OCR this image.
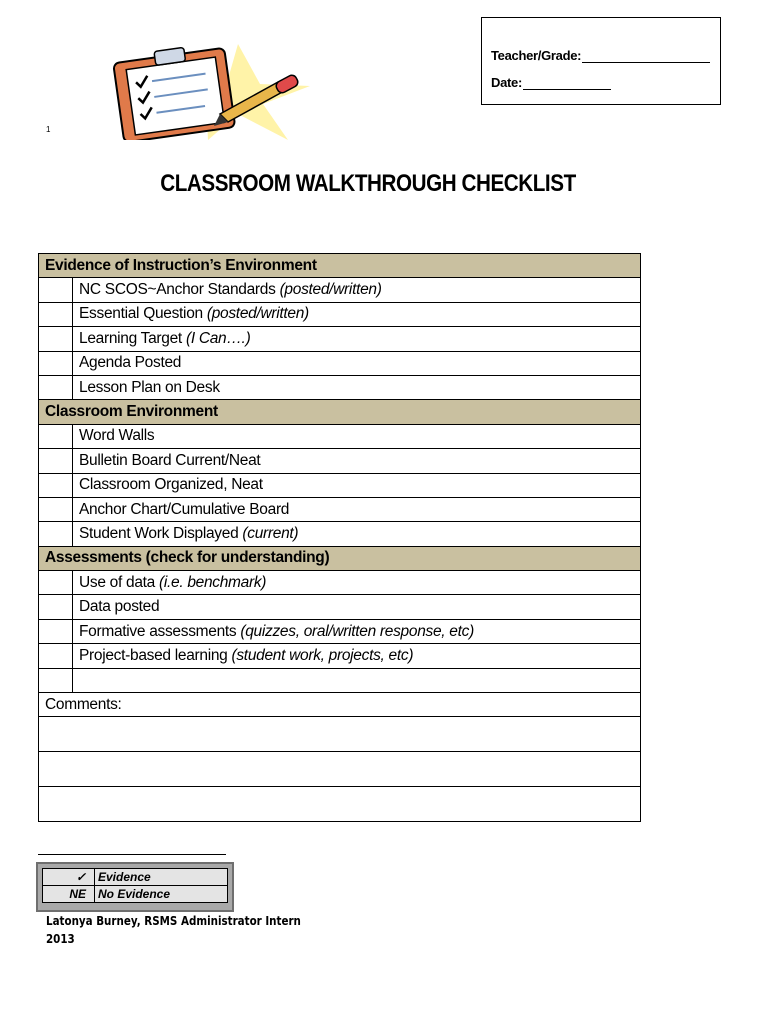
1
Teacher/Grade:
Date:
CLASSROOM WALKTHROUGH CHECKLIST
Evidence of Instruction’s Environment	
	NC SCOS~Anchor Standards (posted/written)
	Essential Question (posted/written)
	Learning Target (I Can….)
	Agenda Posted
	Lesson Plan on Desk
Classroom Environment	
	Word Walls
	Bulletin Board Current/Neat
	Classroom Organized, Neat
	Anchor Chart/Cumulative Board
	Student Work Displayed (current)
Assessments (check for understanding)	
	Use of data (i.e. benchmark)
	Data posted
	Formative assessments (quizzes, oral/written response, etc)
	Project-based learning (student work, projects, etc)

Comments:	

✓	Evidence
NE	No Evidence
Latonya Burney, RSMS Administrator Intern
2013
